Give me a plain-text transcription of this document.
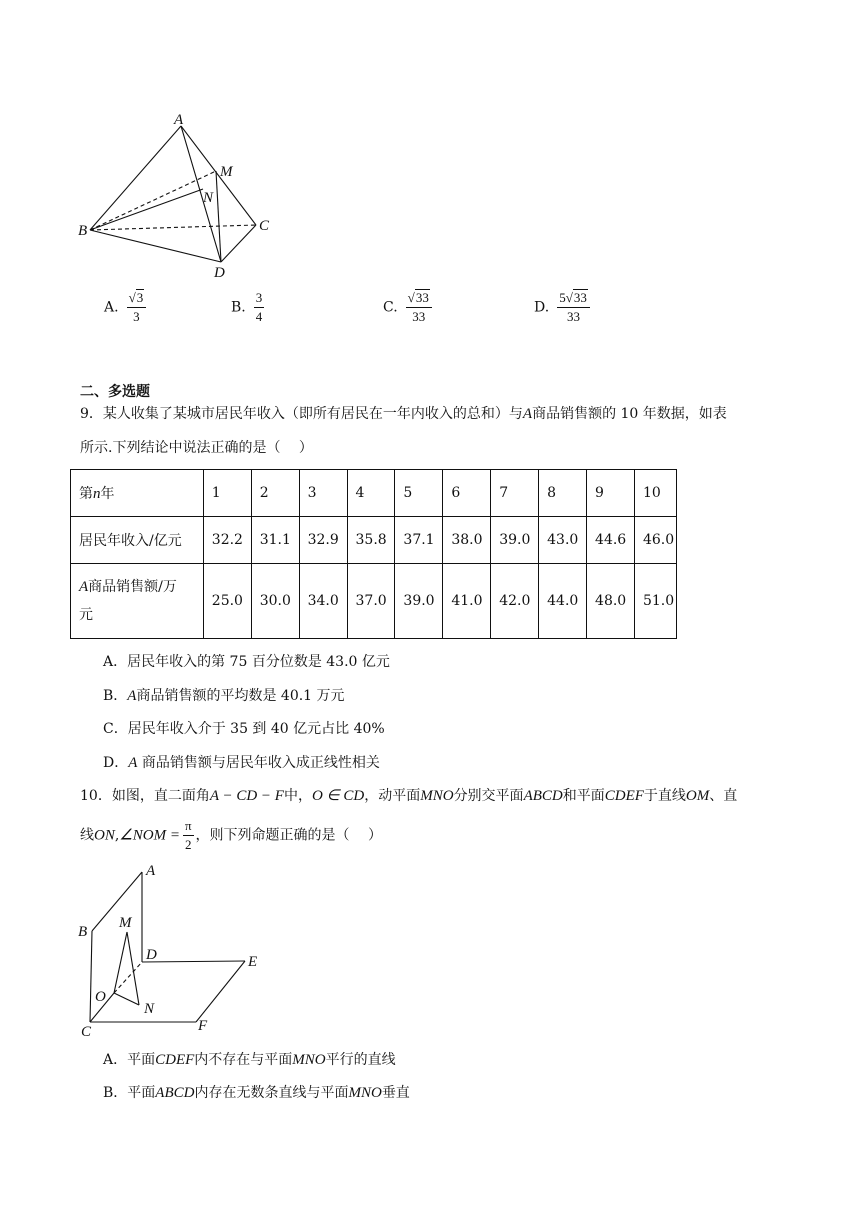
A
M
N
B	C
D
A. $\frac{√3}{3}$	B. $\frac{3}{4}$	C. $\frac{√33}{33}$	D. $\frac{5√33}{33}$
二、多选题
9．某人收集了某城市居民年收入（即所有居民在一年内收入的总和）与A商品销售额的 10 年数据，如表
所示.下列结论中说法正确的是（　 ）
第n年	1	2	3	4	5	6	7	8	9	10
居民年收入/亿元	32.2	31.1	32.9	35.8	37.1	38.0	39.0	43.0	44.6	46.0
A商品销售额/万
元	25.0	30.0	34.0	37.0	39.0	41.0	42.0	44.0	48.0	51.0
A．居民年收入的第 75 百分位数是 43.0 亿元
B．A商品销售额的平均数是 40.1 万元
C．居民年收入介于 35 到 40 亿元占比 40%
D．A 商品销售额与居民年收入成正线性相关
10．如图，直二面角A − CD − F中，O ∈ CD，动平面MNO分别交平面ABCD和平面CDEF于直线OM、直
线ON,∠NOM = $\frac{\pi}{2}$ ，则下列命题正确的是（　 ）
A
B
M
D	E
O
N
C	F
A．平面CDEF内不存在与平面MNO平行的直线
B．平面ABCD内存在无数条直线与平面MNO垂直
